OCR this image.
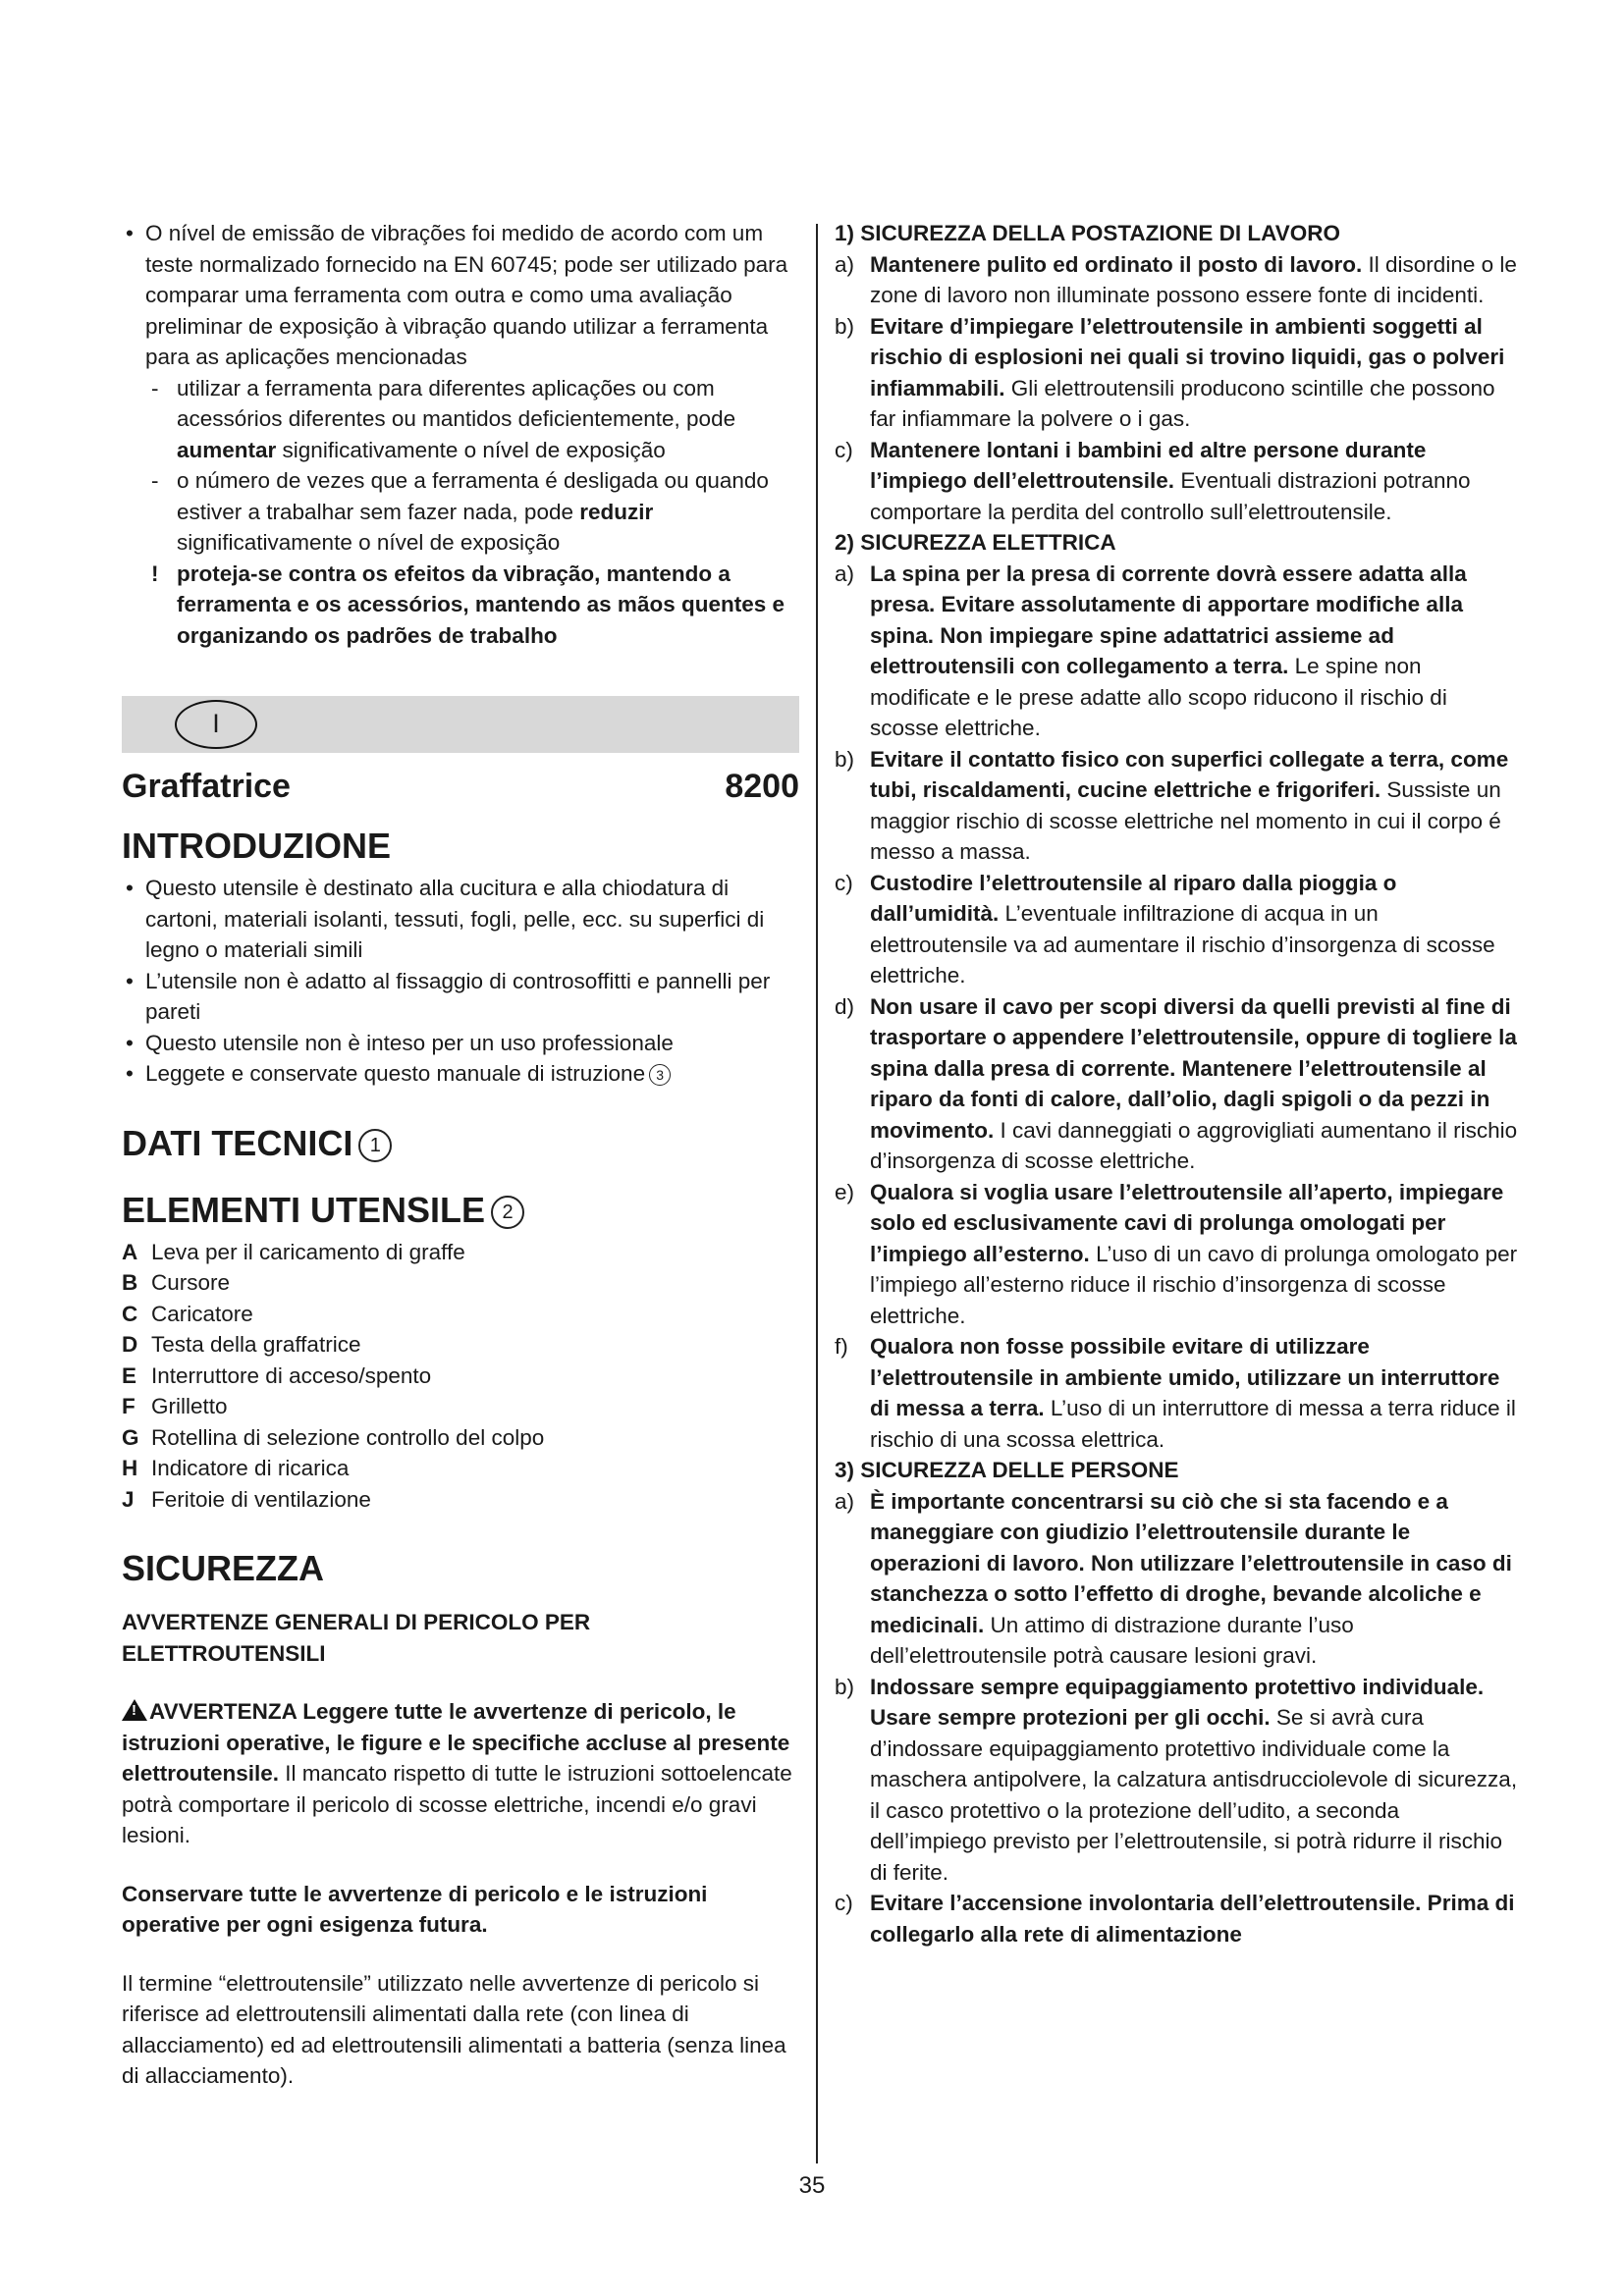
• O nível de emissão de vibrações foi medido de acordo com um teste normalizado fornecido na EN 60745; pode ser utilizado para comparar uma ferramenta com outra e como uma avaliação preliminar de exposição à vibração quando utilizar a ferramenta para as aplicações mencionadas

- utilizar a ferramenta para diferentes aplicações ou com acessórios diferentes ou mantidos deficientemente, pode aumentar significativamente o nível de exposição

- o número de vezes que a ferramenta é desligada ou quando estiver a trabalhar sem fazer nada, pode reduzir significativamente o nível de exposição

! proteja-se contra os efeitos da vibração, mantendo a ferramenta e os acessórios, mantendo as mãos quentes e organizando os padrões de trabalho

I
Graffatrice	8200
INTRODUZIONE
• Questo utensile è destinato alla cucitura e alla chiodatura di cartoni, materiali isolanti, tessuti, fogli, pelle, ecc. su superfici di legno o materiali simili
• L’utensile non è adatto al fissaggio di controsoffitti e pannelli per pareti
• Questo utensile non è inteso per un uso professionale
• Leggete e conservate questo manuale di istruzione 3
DATI TECNICI 1
ELEMENTI UTENSILE 2
A	Leva per il caricamento di graffe
B	Cursore
C	Caricatore
D	Testa della graffatrice
E	Interruttore di acceso/spento
F	Grilletto
G	Rotellina di selezione controllo del colpo
H	Indicatore di ricarica
J	Feritoie di ventilazione
SICUREZZA

AVVERTENZE GENERALI DI PERICOLO PER ELETTROUTENSILI

!AVVERTENZA Leggere tutte le avvertenze di pericolo, le istruzioni operative, le figure e le specifiche accluse al presente elettroutensile. Il mancato rispetto di tutte le istruzioni sottoelencate potrà comportare il pericolo di scosse elettriche, incendi e/o gravi lesioni.

Conservare tutte le avvertenze di pericolo e le istruzioni operative per ogni esigenza futura.

Il termine “elettroutensile” utilizzato nelle avvertenze di pericolo si riferisce ad elettroutensili alimentati dalla rete (con linea di allacciamento) ed ad elettroutensili alimentati a batteria (senza linea di allacciamento).

1) SICUREZZA DELLA POSTAZIONE DI LAVORO

a) Mantenere pulito ed ordinato il posto di lavoro. Il disordine o le zone di lavoro non illuminate possono essere fonte di incidenti.

b) Evitare d’impiegare l’elettroutensile in ambienti soggetti al rischio di esplosioni nei quali si trovino liquidi, gas o polveri infiammabili. Gli elettroutensili producono scintille che possono far infiammare la polvere o i gas.

c) Mantenere lontani i bambini ed altre persone durante l’impiego dell’elettroutensile. Eventuali distrazioni potranno comportare la perdita del controllo sull’elettroutensile.

2) SICUREZZA ELETTRICA

a) La spina per la presa di corrente dovrà essere adatta alla presa. Evitare assolutamente di apportare modifiche alla spina. Non impiegare spine adattatrici assieme ad elettroutensili con collegamento a terra. Le spine non modificate e le prese adatte allo scopo riducono il rischio di scosse elettriche.

b) Evitare il contatto fisico con superfici collegate a terra, come tubi, riscaldamenti, cucine elettriche e frigoriferi. Sussiste un maggior rischio di scosse elettriche nel momento in cui il corpo é messo a massa.

c) Custodire l’elettroutensile al riparo dalla pioggia o dall’umidità. L’eventuale infiltrazione di acqua in un elettroutensile va ad aumentare il rischio d’insorgenza di scosse elettriche.

d) Non usare il cavo per scopi diversi da quelli previsti al fine di trasportare o appendere l’elettroutensile, oppure di togliere la spina dalla presa di corrente. Mantenere l’elettroutensile al riparo da fonti di calore, dall’olio, dagli spigoli o da pezzi in movimento. I cavi danneggiati o aggrovigliati aumentano il rischio d’insorgenza di scosse elettriche.

e) Qualora si voglia usare l’elettroutensile all’aperto, impiegare solo ed esclusivamente cavi di prolunga omologati per l’impiego all’esterno. L’uso di un cavo di prolunga omologato per l’impiego all’esterno riduce il rischio d’insorgenza di scosse elettriche.

f) Qualora non fosse possibile evitare di utilizzare l’elettroutensile in ambiente umido, utilizzare un interruttore di messa a terra. L’uso di un interruttore di messa a terra riduce il rischio di una scossa elettrica.

3) SICUREZZA DELLE PERSONE

a) È importante concentrarsi su ciò che si sta facendo e a maneggiare con giudizio l’elettroutensile durante le operazioni di lavoro. Non utilizzare l’elettroutensile in caso di stanchezza o sotto l’effetto di droghe, bevande alcoliche e medicinali. Un attimo di distrazione durante l’uso dell’elettroutensile potrà causare lesioni gravi.

b) Indossare sempre equipaggiamento protettivo individuale. Usare sempre protezioni per gli occhi. Se si avrà cura d’indossare equipaggiamento protettivo individuale come la maschera antipolvere, la calzatura antisdrucciolevole di sicurezza, il casco protettivo o la protezione dell’udito, a seconda dell’impiego previsto per l’elettroutensile, si potrà ridurre il rischio di ferite.

c) Evitare l’accensione involontaria dell’elettroutensile. Prima di collegarlo alla rete di alimentazione

35
